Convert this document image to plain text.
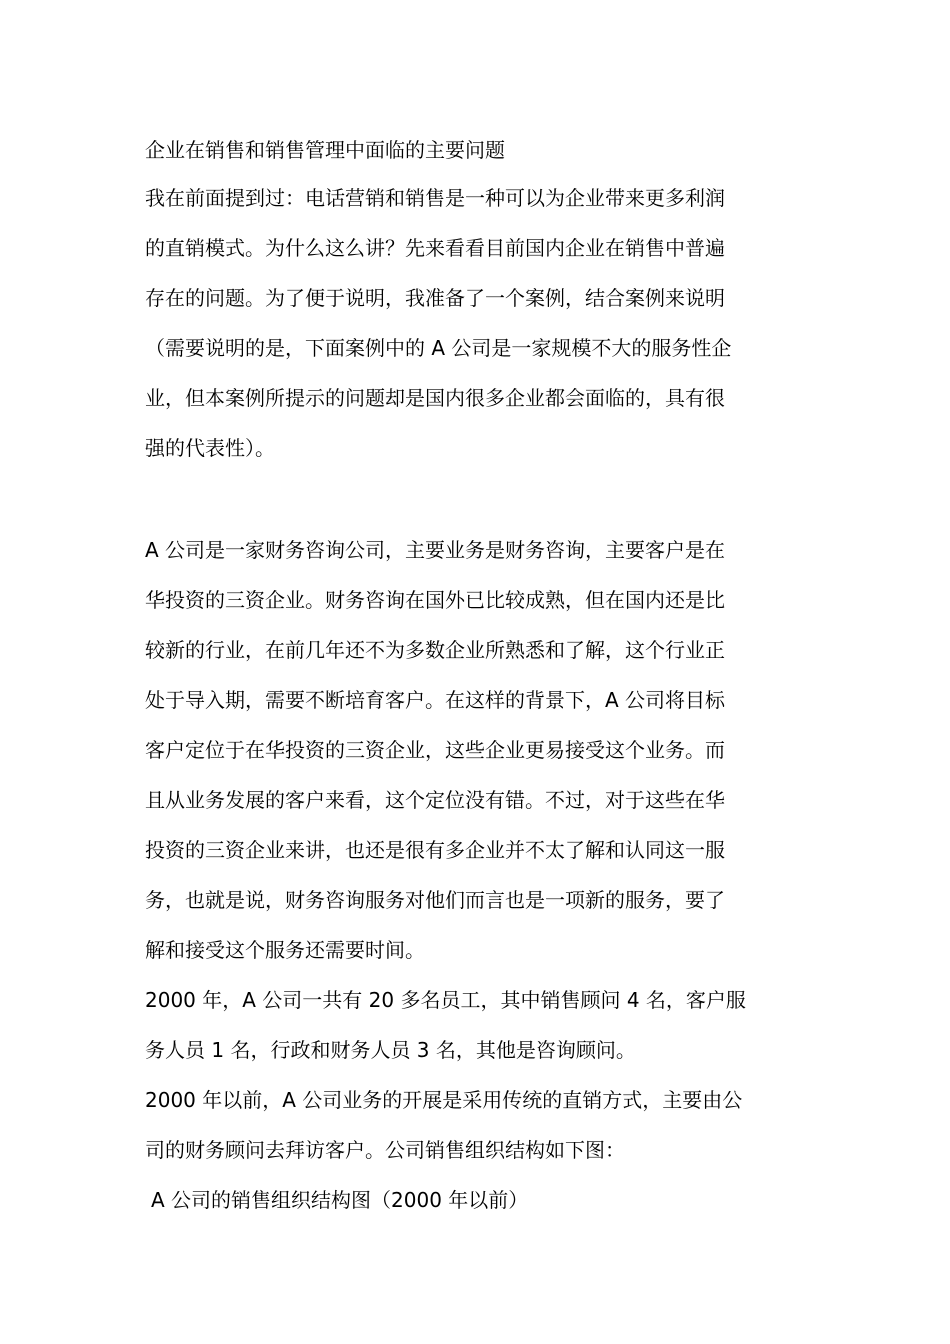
企业在销售和销售管理中面临的主要问题

我在前面提到过：电话营销和销售是一种可以为企业带来更多利润
的直销模式。为什么这么讲？先来看看目前国内企业在销售中普遍
存在的问题。为了便于说明，我准备了一个案例，结合案例来说明
（需要说明的是，下面案例中的 A 公司是一家规模不大的服务性企
业，但本案例所提示的问题却是国内很多企业都会面临的，具有很
强的代表性）。
A 公司是一家财务咨询公司，主要业务是财务咨询，主要客户是在
华投资的三资企业。财务咨询在国外已比较成熟，但在国内还是比
较新的行业，在前几年还不为多数企业所熟悉和了解，这个行业正
处于导入期，需要不断培育客户。在这样的背景下，A 公司将目标
客户定位于在华投资的三资企业，这些企业更易接受这个业务。而
且从业务发展的客户来看，这个定位没有错。不过，对于这些在华
投资的三资企业来讲，也还是很有多企业并不太了解和认同这一服
务，也就是说，财务咨询服务对他们而言也是一项新的服务，要了
解和接受这个服务还需要时间。
2000 年，A 公司一共有 20 多名员工，其中销售顾问 4 名，客户服
务人员 1 名，行政和财务人员 3 名，其他是咨询顾问。
2000 年以前，A 公司业务的开展是采用传统的直销方式，主要由公
司的财务顾问去拜访客户。公司销售组织结构如下图：

A 公司的销售组织结构图（2000 年以前）
